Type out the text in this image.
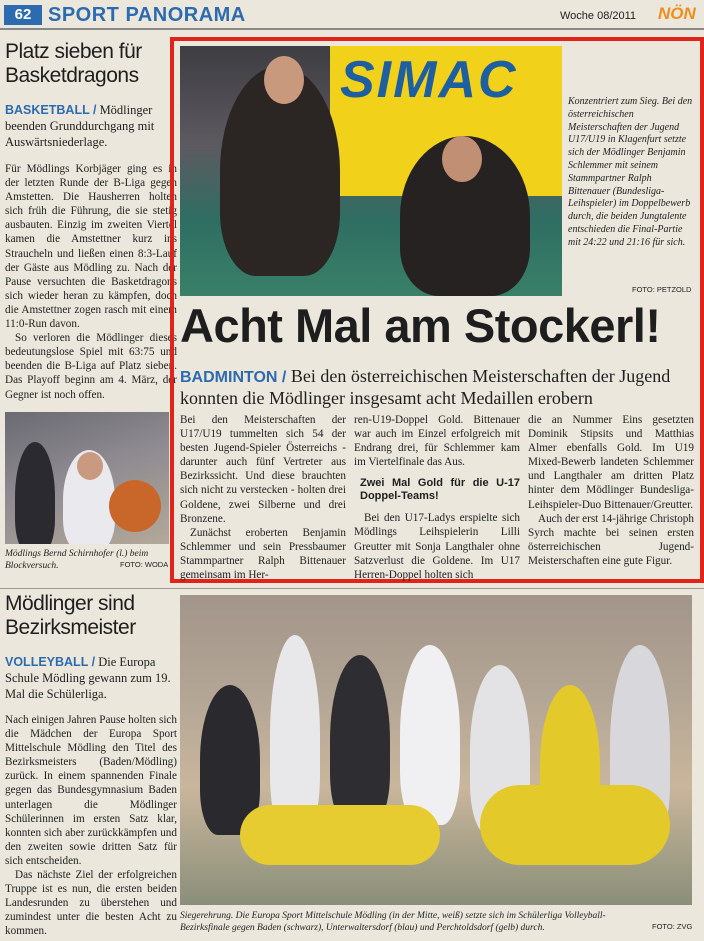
62 SPORT PANORAMA	Woche 08/2011 NÖN
Platz sieben für Basketdragons
BASKETBALL / Mödlinger beenden Grunddurchgang mit Auswärtsniederlage.

Für Mödlings Korbjäger ging es in der letzten Runde der B-Liga gegen Amstetten. Die Hausherren holten sich früh die Führung, die sie stetig ausbauten. Einzig im zweiten Viertel kamen die Amstettner kurz ins Straucheln und ließen einen 8:3-Lauf der Gäste aus Mödling zu. Nach der Pause versuchten die Basketdragons sich wieder heran zu kämpfen, doch die Amstettner zogen rasch mit einem 11:0-Run davon.

So verloren die Mödlinger dieses bedeutungslose Spiel mit 63:75 und beenden die B-Liga auf Platz sieben. Das Playoff beginn am 4. März, der Gegner ist noch offen.

Mödlings Bernd Schirnhofer (l.) beim Blockversuch.	FOTO: WODA
SIMAC	Konzentriert zum Sieg. Bei den österreichischen Meisterschaften der Jugend U17/U19 in Klagenfurt setzte sich der Mödlinger Benjamin Schlemmer mit seinem Stammpartner Ralph Bittenauer (Bundesliga-Leihspieler) im Doppelbewerb durch, die beiden Jungtalente entschieden die Final-Partie mit 24:22 und 21:16 für sich.
FOTO: PETZOLD
Acht Mal am Stockerl!
BADMINTON / Bei den österreichischen Meisterschaften der Jugend konnten die Mödlinger insgesamt acht Medaillen erobern

Bei den Meisterschaften der U17/U19 tummelten sich 54 der besten Jugend-Spieler Österreichs - darunter auch fünf Vertreter aus Bezirkssicht. Und diese brauchten sich nicht zu verstecken - holten drei Goldene, zwei Silberne und drei Bronzene.

Zunächst eroberten Benjamin Schlemmer und sein Pressbaumer Stammpartner Ralph Bittenauer gemeinsam im Her-

ren-U19-Doppel Gold. Bittenauer war auch im Einzel erfolgreich mit Endrang drei, für Schlemmer kam im Viertelfinale das Aus.

Zwei Mal Gold für die U-17 Doppel-Teams!

Bei den U17-Ladys erspielte sich Mödlings Leihspielerin Lilli Greutter mit Sonja Langthaler ohne Satzverlust die Goldene. Im U17 Herren-Doppel holten sich

die an Nummer Eins gesetzten Dominik Stipsits und Matthias Almer ebenfalls Gold. Im U19 Mixed-Bewerb landeten Schlemmer und Langthaler am dritten Platz hinter dem Mödlinger Bundesliga-Leihspieler-Duo Bittenauer/Greutter.

Auch der erst 14-jährige Christoph Syrch machte bei seinen ersten österreichischen Jugend-Meisterschaften eine gute Figur.

Mödlinger sind Bezirksmeister
VOLLEYBALL / Die Europa Schule Mödling gewann zum 19. Mal die Schülerliga.

Nach einigen Jahren Pause holten sich die Mädchen der Europa Sport Mittelschule Mödling den Titel des Bezirksmeisters (Baden/Mödling) zurück. In einem spannenden Finale gegen das Bundesgymnasium Baden unterlagen die Mödlinger Schülerinnen im ersten Satz klar, konnten sich aber zurückkämpfen und den zweiten sowie dritten Satz für sich entscheiden.

Das nächste Ziel der erfolgreichen Truppe ist es nun, die ersten beiden Landesrunden zu überstehen und zumindest unter die besten Acht zu kommen.

Siegerehrung. Die Europa Sport Mittelschule Mödling (in der Mitte, weiß) setzte sich im Schülerliga Volleyball-Bezirksfinale gegen Baden (schwarz), Unterwaltersdorf (blau) und Perchtoldsdorf (gelb) durch.	FOTO: ZVG
